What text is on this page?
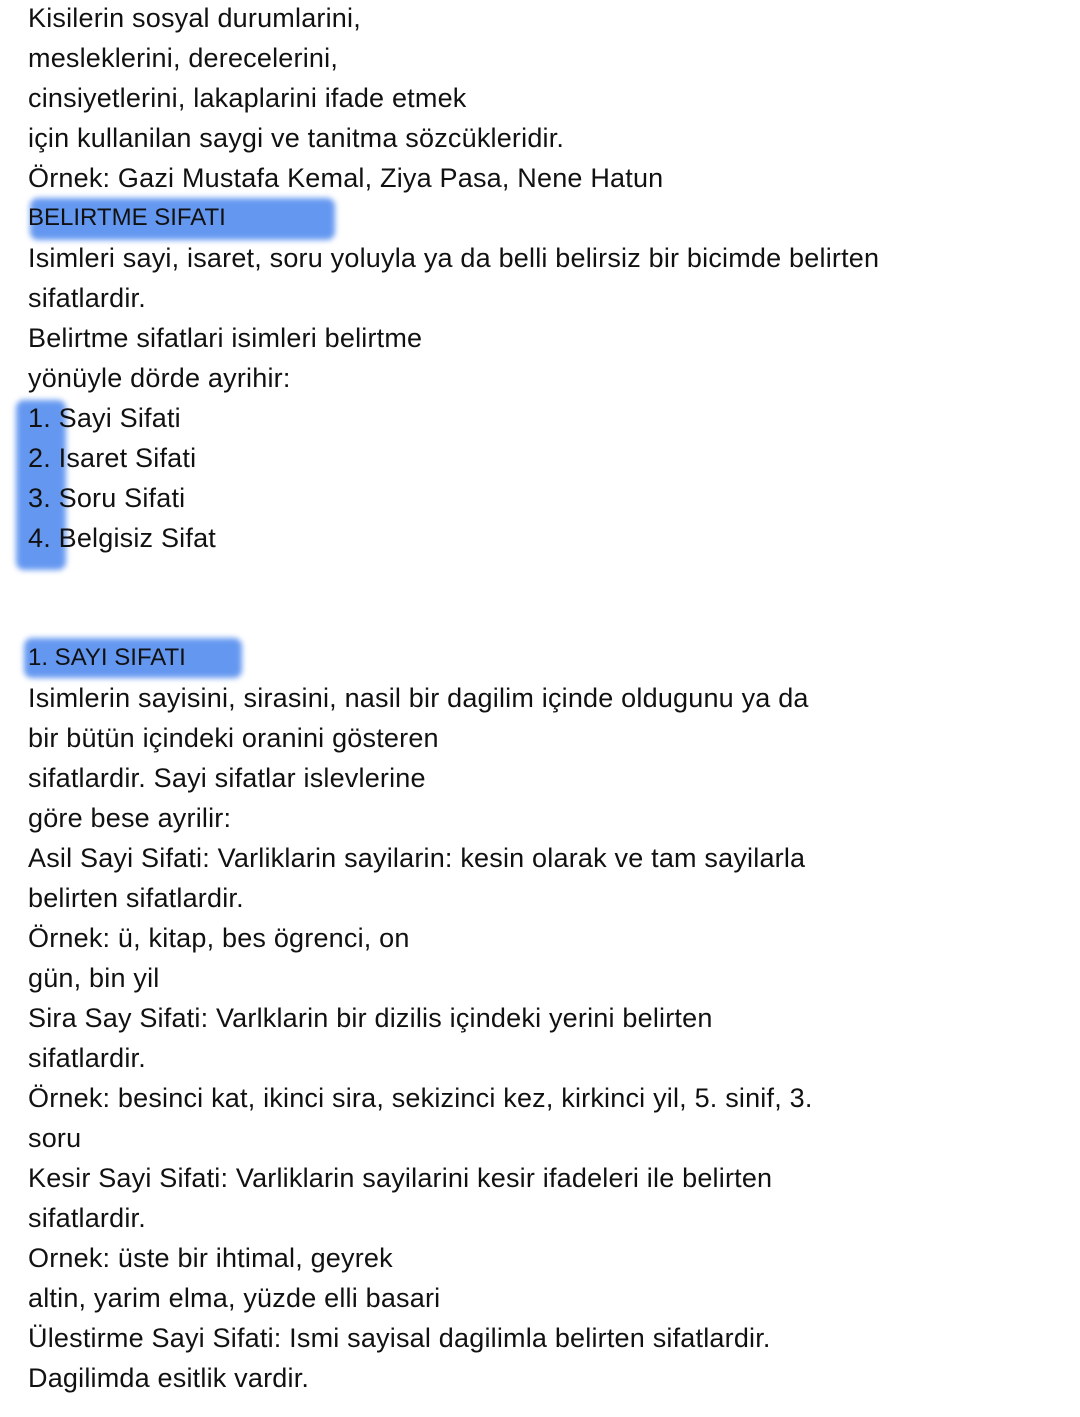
Kisilerin sosyal durumlarini,
mesleklerini, derecelerini,
cinsiyetlerini, lakaplarini ifade etmek
için kullanilan saygi ve tanitma sözcükleridir.
Örnek: Gazi Mustafa Kemal, Ziya Pasa, Nene Hatun
BELIRTME SIFATI
Isimleri sayi, isaret, soru yoluyla ya da belli belirsiz bir bicimde belirten
sifatlardir.
Belirtme sifatlari isimleri belirtme
yönüyle dörde ayrihir:
1. Sayi Sifati
2. Isaret Sifati
3. Soru Sifati
4. Belgisiz Sifat
1. SAYI SIFATI
Isimlerin sayisini, sirasini, nasil bir dagilim içinde oldugunu ya da
bir bütün içindeki oranini gösteren
sifatlardir. Sayi sifatlar islevlerine
göre bese ayrilir:
Asil Sayi Sifati: Varliklarin sayilarin: kesin olarak ve tam sayilarla
belirten sifatlardir.
Örnek: ü, kitap, bes ögrenci, on
gün, bin yil
Sira Say Sifati: Varlklarin bir dizilis içindeki yerini belirten
sifatlardir.
Örnek: besinci kat, ikinci sira, sekizinci kez, kirkinci yil, 5. sinif, 3.
soru
Kesir Sayi Sifati: Varliklarin sayilarini kesir ifadeleri ile belirten
sifatlardir.
Ornek: üste bir ihtimal, geyrek
altin, yarim elma, yüzde elli basari
Ülestirme Sayi Sifati: Ismi sayisal dagilimla belirten sifatlardir.
Dagilimda esitlik vardir.
